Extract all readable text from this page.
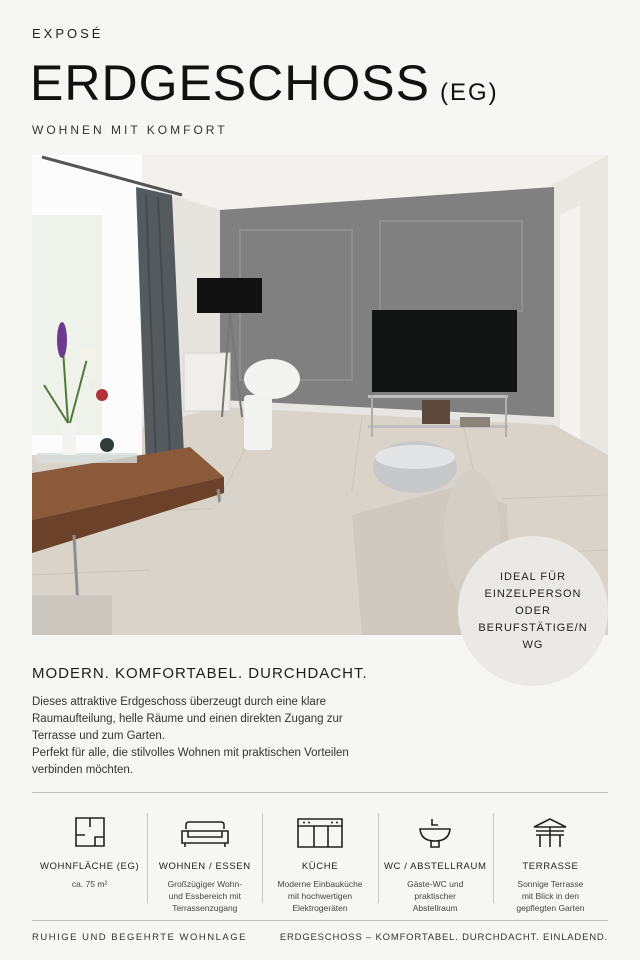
EXPOSÉ
ERDGESCHOSS (EG)
WOHNEN MIT KOMFORT
IDEAL FÜR
EINZELPERSON
ODER
BERUFSTÄTIGE/N
WG
MODERN. KOMFORTABEL. DURCHDACHT.

Dieses attraktive Erdgeschoss überzeugt durch eine klare Raumaufteilung, helle Räume und einen direkten Zugang zur Terrasse und zum Garten.

Perfekt für alle, die stilvolles Wohnen mit praktischen Vorteilen verbinden möchten.

WOHNFLÄCHE (EG)
ca. 75 m²
WOHNEN / ESSEN
Großzügiger Wohn-
und Essbereich mit
Terrassenzugang
KÜCHE
Moderne Einbauküche
mit hochwertigen
Elektrogeräten
WC / ABSTELLRAUM
Gäste-WC und
praktischer
Abstellraum
TERRASSE
Sonnige Terrasse
mit Blick in den
gepflegten Garten
RUHIGE UND BEGEHRTE WOHNLAGE	ERDGESCHOSS – KOMFORTABEL. DURCHDACHT. EINLADEND.
